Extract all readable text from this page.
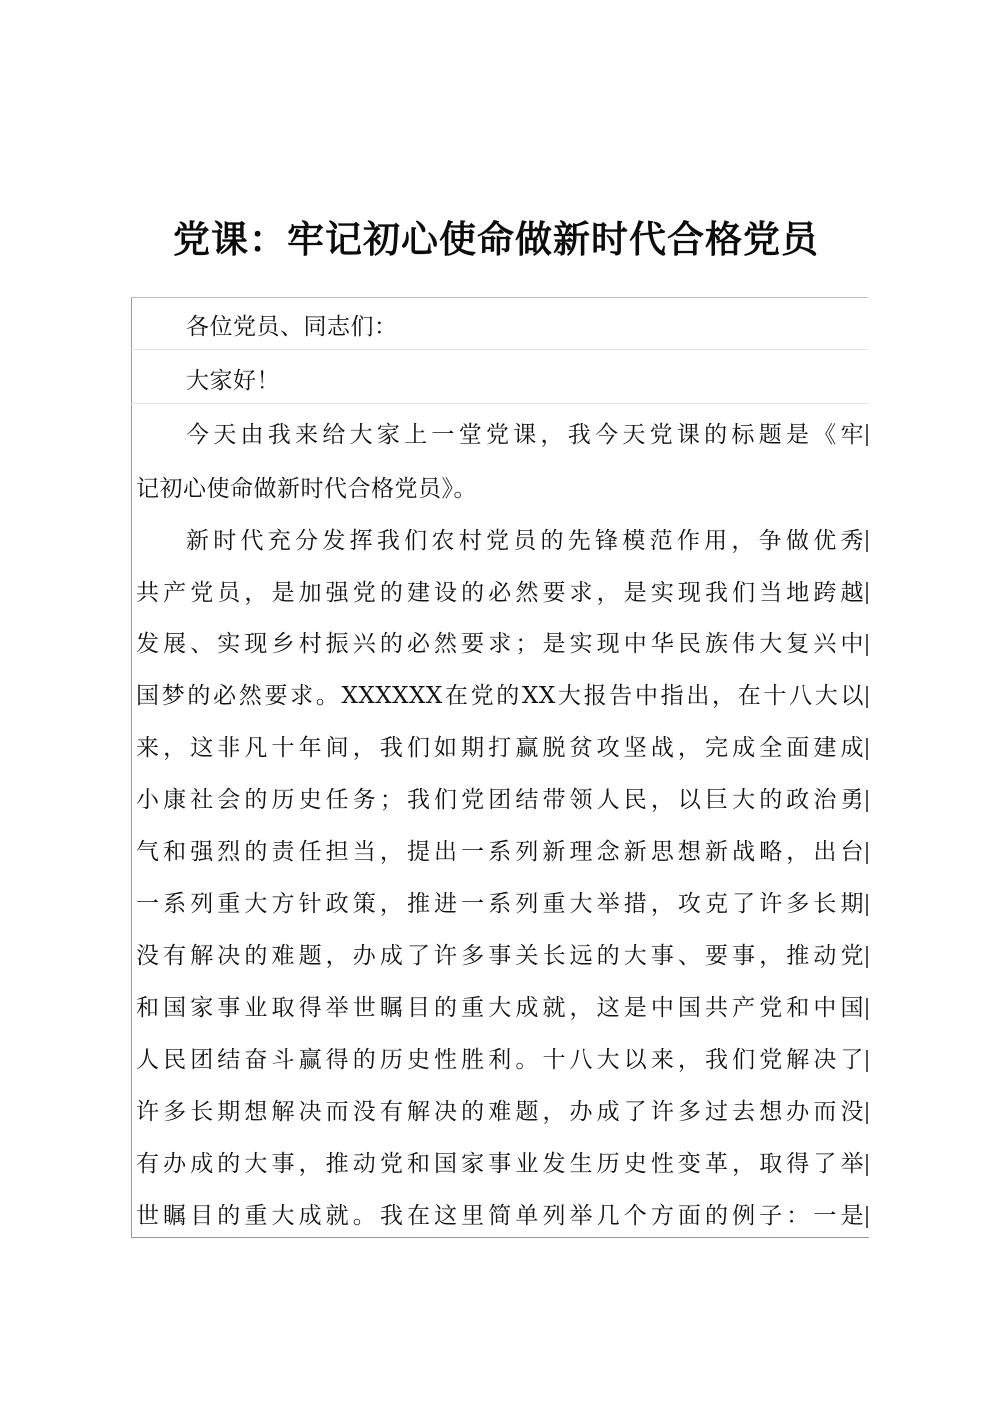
党课：牢记初心使命做新时代合格党员
各位党员、同志们：
大家好！
今天由我来给大家上一堂党课，我今天党课的标题是《牢
记初心使命做新时代合格党员》。
新时代充分发挥我们农村党员的先锋模范作用，争做优秀
共产党员，是加强党的建设的必然要求，是实现我们当地跨越
发展、实现乡村振兴的必然要求；是实现中华民族伟大复兴中
国梦的必然要求。XXXXXX在党的XX大报告中指出，在十八大以
来，这非凡十年间，我们如期打赢脱贫攻坚战，完成全面建成
小康社会的历史任务；我们党团结带领人民，以巨大的政治勇
气和强烈的责任担当，提出一系列新理念新思想新战略，出台
一系列重大方针政策，推进一系列重大举措，攻克了许多长期
没有解决的难题，办成了许多事关长远的大事、要事，推动党
和国家事业取得举世瞩目的重大成就，这是中国共产党和中国
人民团结奋斗赢得的历史性胜利。十八大以来，我们党解决了
许多长期想解决而没有解决的难题，办成了许多过去想办而没
有办成的大事，推动党和国家事业发生历史性变革，取得了举
世瞩目的重大成就。我在这里简单列举几个方面的例子：一是
